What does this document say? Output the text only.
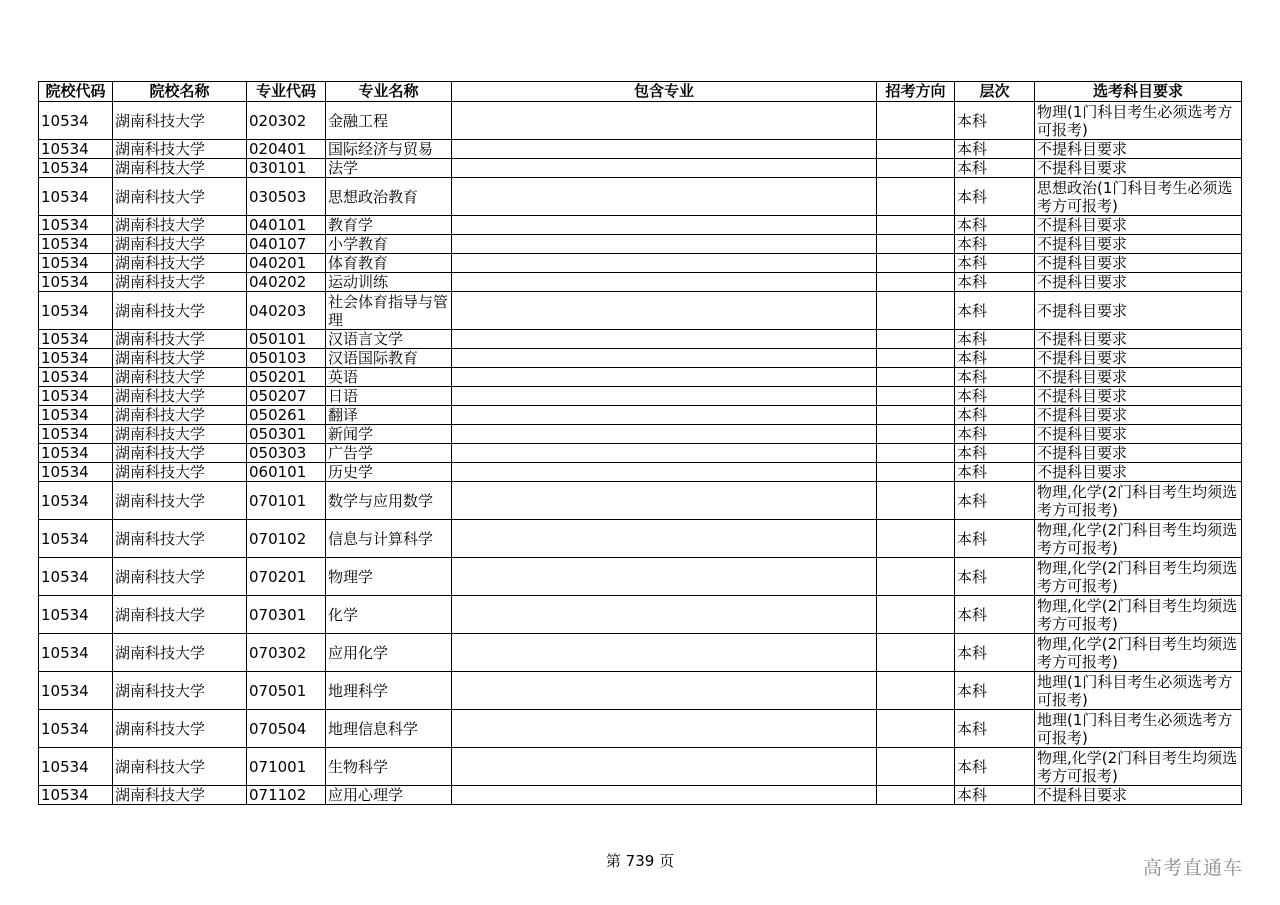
院校代码	院校名称	专业代码	专业名称	包含专业	招考方向	层次	选考科目要求
10534	湖南科技大学	020302	金融工程			本科	物理(1门科目考生必须选考方可报考)
10534	湖南科技大学	020401	国际经济与贸易			本科	不提科目要求
10534	湖南科技大学	030101	法学			本科	不提科目要求
10534	湖南科技大学	030503	思想政治教育			本科	思想政治(1门科目考生必须选考方可报考)
10534	湖南科技大学	040101	教育学			本科	不提科目要求
10534	湖南科技大学	040107	小学教育			本科	不提科目要求
10534	湖南科技大学	040201	体育教育			本科	不提科目要求
10534	湖南科技大学	040202	运动训练			本科	不提科目要求
10534	湖南科技大学	040203	社会体育指导与管理			本科	不提科目要求
10534	湖南科技大学	050101	汉语言文学			本科	不提科目要求
10534	湖南科技大学	050103	汉语国际教育			本科	不提科目要求
10534	湖南科技大学	050201	英语			本科	不提科目要求
10534	湖南科技大学	050207	日语			本科	不提科目要求
10534	湖南科技大学	050261	翻译			本科	不提科目要求
10534	湖南科技大学	050301	新闻学			本科	不提科目要求
10534	湖南科技大学	050303	广告学			本科	不提科目要求
10534	湖南科技大学	060101	历史学			本科	不提科目要求
10534	湖南科技大学	070101	数学与应用数学			本科	物理,化学(2门科目考生均须选考方可报考)
10534	湖南科技大学	070102	信息与计算科学			本科	物理,化学(2门科目考生均须选考方可报考)
10534	湖南科技大学	070201	物理学			本科	物理,化学(2门科目考生均须选考方可报考)
10534	湖南科技大学	070301	化学			本科	物理,化学(2门科目考生均须选考方可报考)
10534	湖南科技大学	070302	应用化学			本科	物理,化学(2门科目考生均须选考方可报考)
10534	湖南科技大学	070501	地理科学			本科	地理(1门科目考生必须选考方可报考)
10534	湖南科技大学	070504	地理信息科学			本科	地理(1门科目考生必须选考方可报考)
10534	湖南科技大学	071001	生物科学			本科	物理,化学(2门科目考生均须选考方可报考)
10534	湖南科技大学	071102	应用心理学			本科	不提科目要求
第 739 页	高考直通车
